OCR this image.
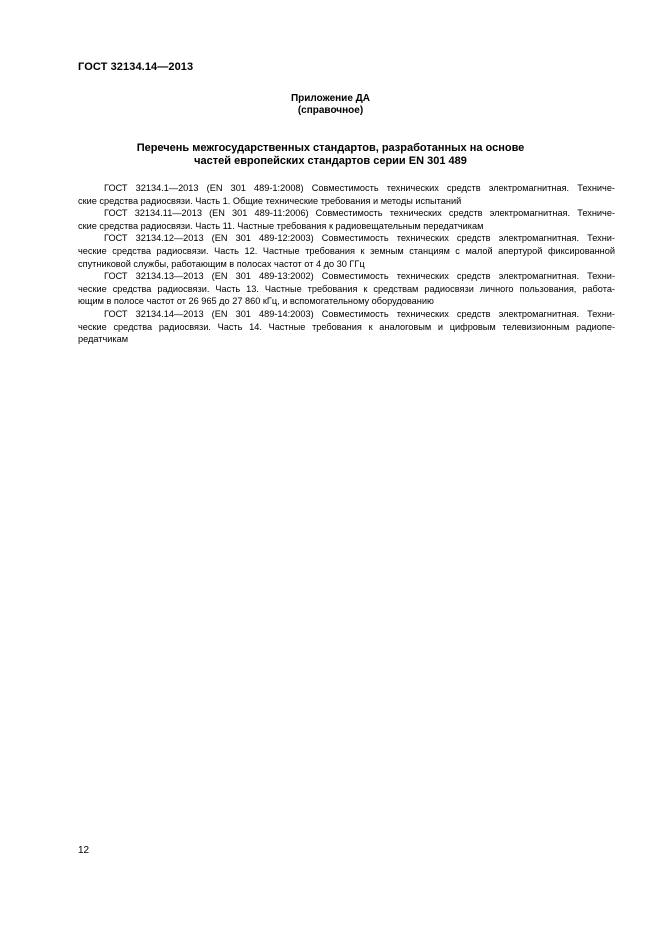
ГОСТ 32134.14—2013
Приложение ДА
(справочное)
Перечень межгосударственных стандартов, разработанных на основе
частей европейских стандартов серии EN 301 489
ГОСТ 32134.1—2013 (EN 301 489-1:2008) Совместимость технических средств электромагнитная. Техниче-
ские средства радиосвязи. Часть 1. Общие технические требования и методы испытаний
ГОСТ 32134.11—2013 (EN 301 489-11:2006) Совместимость технических средств электромагнитная. Техниче-
ские средства радиосвязи. Часть 11. Частные требования к радиовещательным передатчикам
ГОСТ 32134.12—2013 (EN 301 489-12:2003) Совместимость технических средств электромагнитная. Техни-
ческие средства радиосвязи. Часть 12. Частные требования к земным станциям с малой апертурой фиксированной
спутниковой службы, работающим в полосах частот от 4 до 30 ГГц
ГОСТ 32134.13—2013 (EN 301 489-13:2002) Совместимость технических средств электромагнитная. Техни-
ческие средства радиосвязи. Часть 13. Частные требования к средствам радиосвязи личного пользования, работа-
ющим в полосе частот от 26 965 до 27 860 кГц, и вспомогательному оборудованию
ГОСТ 32134.14—2013 (EN 301 489-14:2003) Совместимость технических средств электромагнитная. Техни-
ческие средства радиосвязи. Часть 14. Частные требования к аналоговым и цифровым телевизионным радиопе-
редатчикам
12
